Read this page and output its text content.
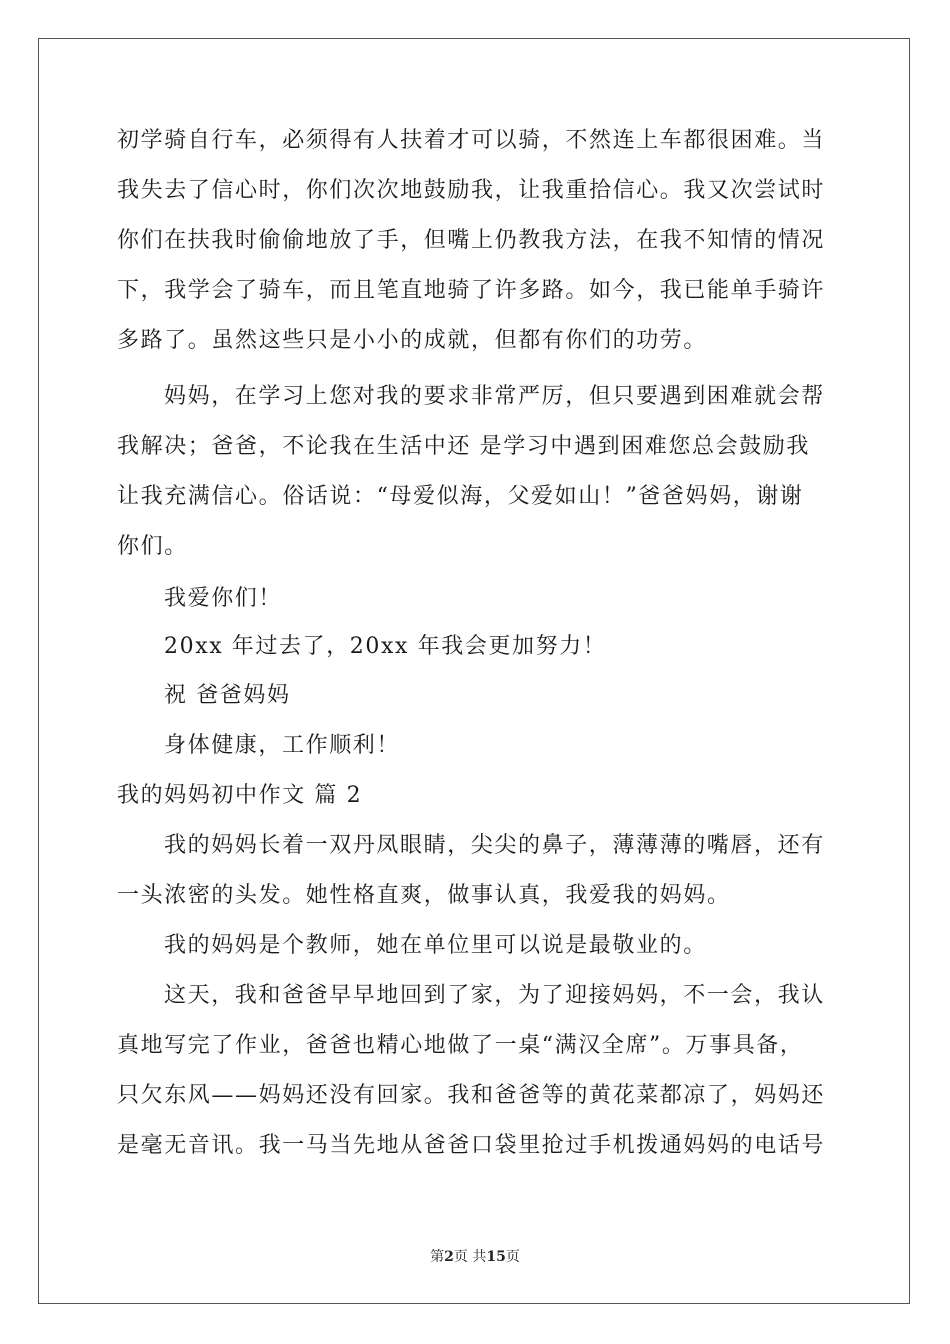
初学骑自行车，必须得有人扶着才可以骑，不然连上车都很困难。当
我失去了信心时，你们次次地鼓励我，让我重拾信心。我又次尝试时
你们在扶我时偷偷地放了手，但嘴上仍教我方法，在我不知情的情况
下，我学会了骑车，而且笔直地骑了许多路。如今，我已能单手骑许
多路了。虽然这些只是小小的成就，但都有你们的功劳。
妈妈，在学习上您对我的要求非常严厉，但只要遇到困难就会帮
我解决；爸爸，不论我在生活中还 是学习中遇到困难您总会鼓励我
让我充满信心。俗话说：“母爱似海，父爱如山！”爸爸妈妈，谢谢
你们。
我爱你们！
20xx 年过去了，20xx 年我会更加努力！
祝 爸爸妈妈
身体健康，工作顺利！
我的妈妈初中作文 篇 2
我的妈妈长着一双丹凤眼睛，尖尖的鼻子，薄薄薄的嘴唇，还有
一头浓密的头发。她性格直爽，做事认真，我爱我的妈妈。
我的妈妈是个教师，她在单位里可以说是最敬业的。
这天，我和爸爸早早地回到了家，为了迎接妈妈，不一会，我认
真地写完了作业，爸爸也精心地做了一桌“满汉全席”。万事具备，
只欠东风——妈妈还没有回家。我和爸爸等的黄花菜都凉了，妈妈还
是毫无音讯。我一马当先地从爸爸口袋里抢过手机拨通妈妈的电话号
第2页 共15页
